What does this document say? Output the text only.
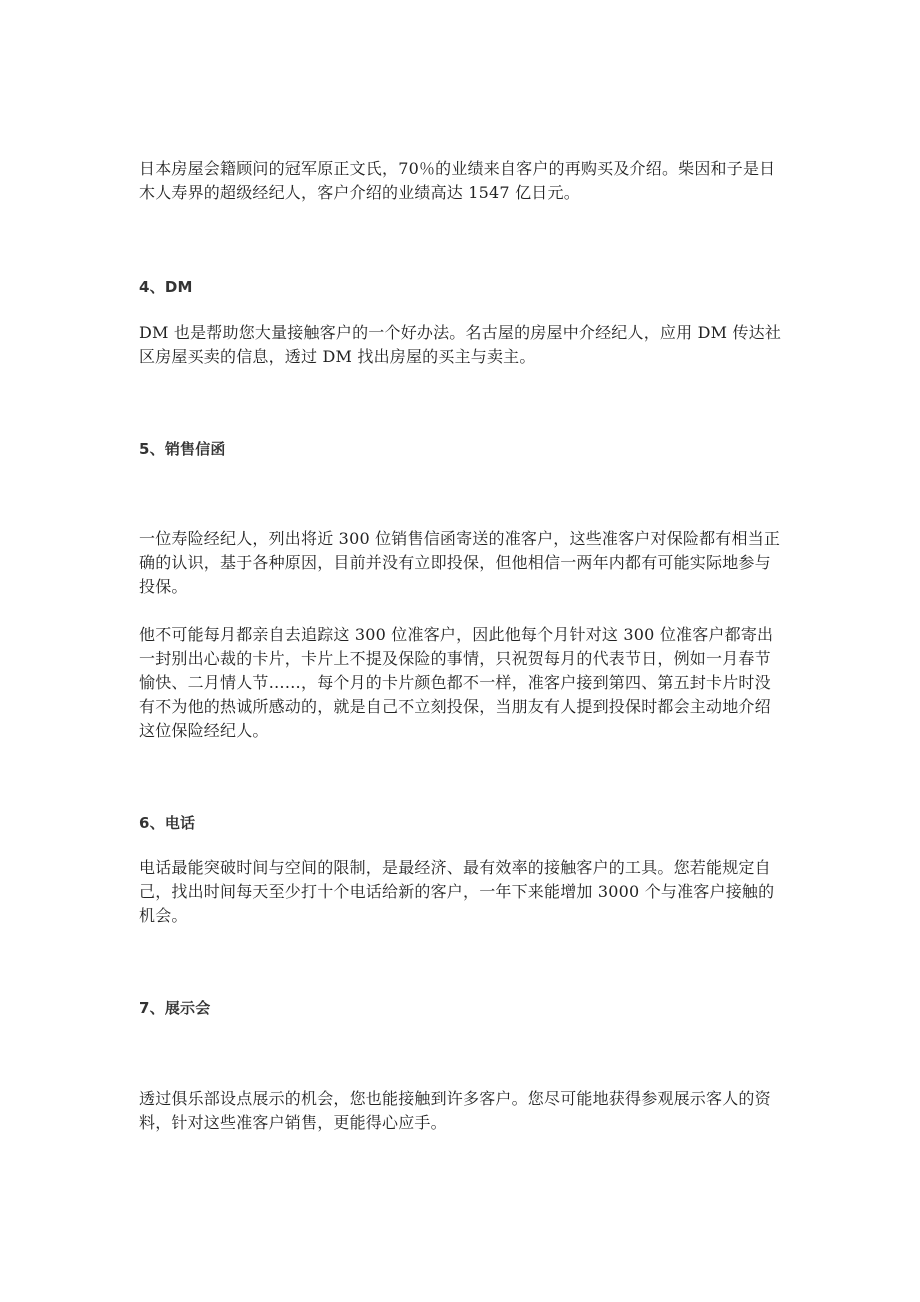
日本房屋会籍顾问的冠军原正文氏，70％的业绩来自客户的再购买及介绍。柴因和子是日木人寿界的超级经纪人，客户介绍的业绩高达 1547 亿日元。

4、DM

DM 也是帮助您大量接触客户的一个好办法。名古屋的房屋中介经纪人，应用 DM 传达社区房屋买卖的信息，透过 DM 找出房屋的买主与卖主。

5、销售信函

一位寿险经纪人，列出将近 300 位销售信函寄送的准客户，这些准客户对保险都有相当正确的认识，基于各种原因，目前并没有立即投保，但他相信一两年内都有可能实际地参与投保。

他不可能每月都亲自去追踪这 300 位准客户，因此他每个月针对这 300 位准客户都寄出一封别出心裁的卡片，卡片上不提及保险的事情，只祝贺每月的代表节日，例如一月春节愉快、二月情人节……，每个月的卡片颜色都不一样，准客户接到第四、第五封卡片时没有不为他的热诚所感动的，就是自己不立刻投保，当朋友有人提到投保时都会主动地介绍这位保险经纪人。

6、电话

电话最能突破时间与空间的限制，是最经济、最有效率的接触客户的工具。您若能规定自己，找出时间每天至少打十个电话给新的客户，一年下来能增加 3000 个与准客户接触的机会。

7、展示会

透过俱乐部设点展示的机会，您也能接触到许多客户。您尽可能地获得参观展示客人的资料，针对这些准客户销售，更能得心应手。
